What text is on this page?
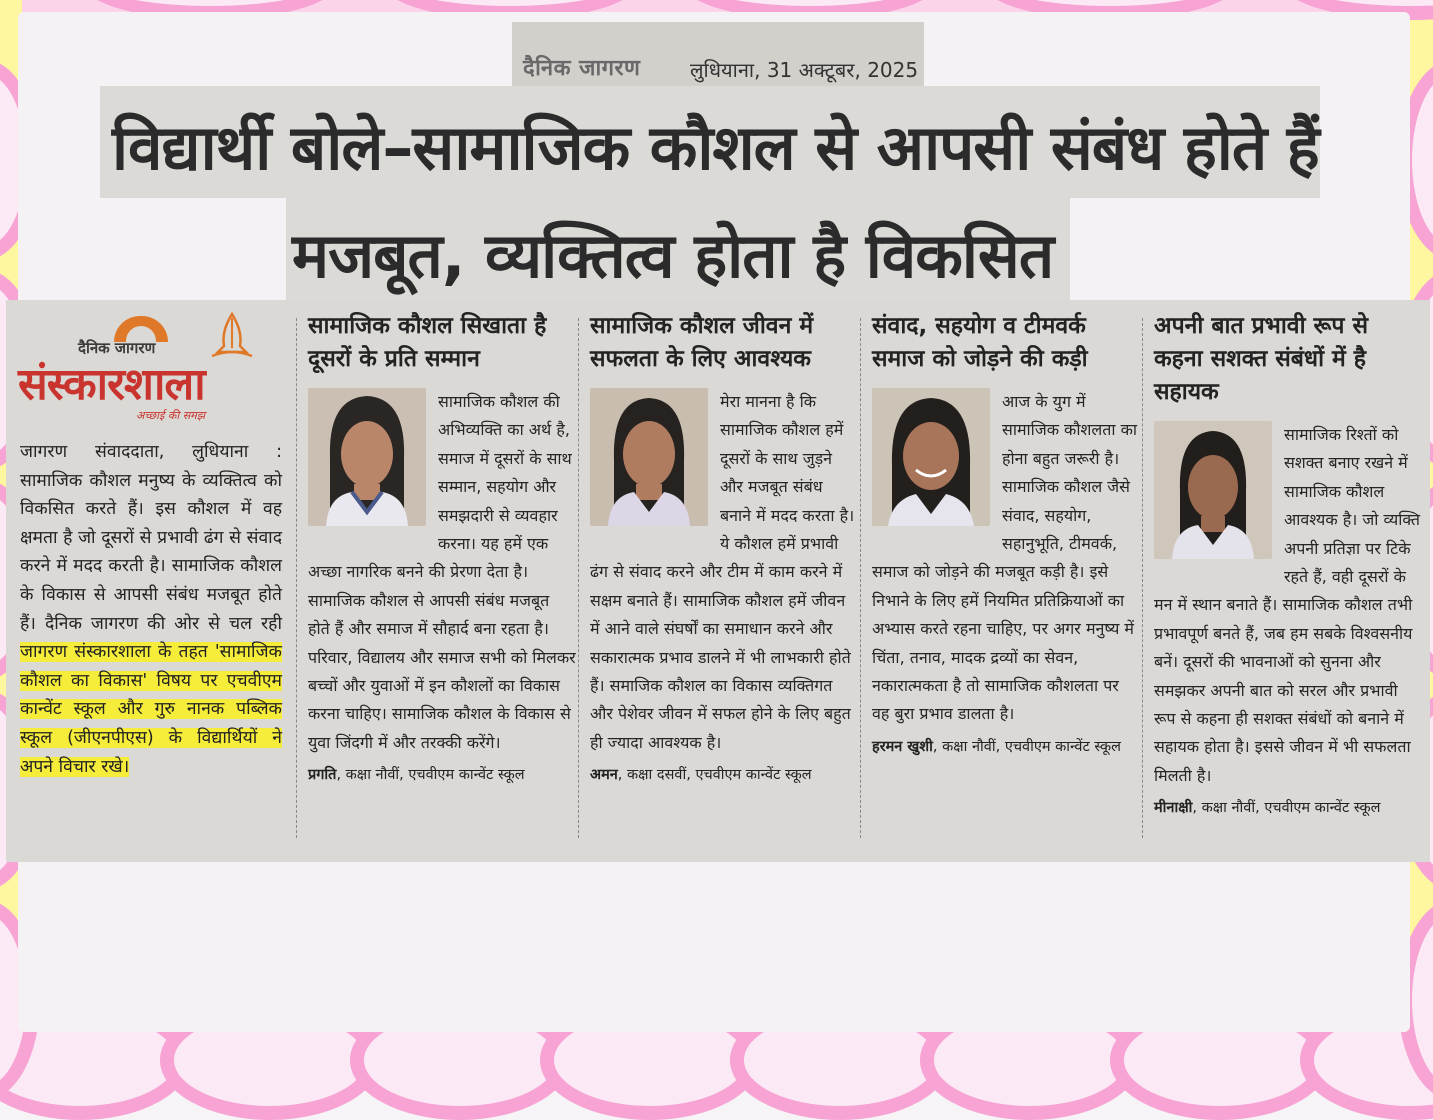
दैनिक जागरण लुधियाना, 31 अक्टूबर, 2025
विद्यार्थी बोले–सामाजिक कौशल से आपसी संबंध होते हैं
मजबूत, व्यक्तित्व होता है विकसित
दैनिक जागरण
संस्कारशाला
अच्छाई की समझ
जागरण संवाददाता, लुधियाना : सामाजिक कौशल मनुष्य के व्यक्तित्व को विकसित करते हैं। इस कौशल में वह क्षमता है जो दूसरों से प्रभावी ढंग से संवाद करने में मदद करती है। सामाजिक कौशल के विकास से आपसी संबंध मजबूत होते हैं। दैनिक जागरण की ओर से चल रही जागरण संस्कारशाला के तहत 'सामाजिक कौशल का विकास' विषय पर एचवीएम कान्वेंट स्कूल और गुरु नानक पब्लिक स्कूल (जीएनपीएस) के विद्यार्थियों ने अपने विचार रखे।
सामाजिक कौशल सिखाता है दूसरों के प्रति सम्मान
सामाजिक कौशल की अभिव्यक्ति का अर्थ है, समाज में दूसरों के साथ सम्मान, सहयोग और समझदारी से व्यवहार करना। यह हमें एक अच्छा नागरिक बनने की प्रेरणा देता है। सामाजिक कौशल से आपसी संबंध मजबूत होते हैं और समाज में सौहार्द बना रहता है। परिवार, विद्यालय और समाज सभी को मिलकर बच्चों और युवाओं में इन कौशलों का विकास करना चाहिए। सामाजिक कौशल के विकास से युवा जिंदगी में और तरक्की करेंगे।
प्रगति, कक्षा नौवीं, एचवीएम कान्वेंट स्कूल
सामाजिक कौशल जीवन में सफलता के लिए आवश्यक
मेरा मानना है कि सामाजिक कौशल हमें दूसरों के साथ जुड़ने और मजबूत संबंध बनाने में मदद करता है। ये कौशल हमें प्रभावी ढंग से संवाद करने और टीम में काम करने में सक्षम बनाते हैं। सामाजिक कौशल हमें जीवन में आने वाले संघर्षों का समाधान करने और सकारात्मक प्रभाव डालने में भी लाभकारी होते हैं। समाजिक कौशल का विकास व्यक्तिगत और पेशेवर जीवन में सफल होने के लिए बहुत ही ज्यादा आवश्यक है।
अमन, कक्षा दसवीं, एचवीएम कान्वेंट स्कूल
संवाद, सहयोग व टीमवर्क समाज को जोड़ने की कड़ी
आज के युग में सामाजिक कौशलता का होना बहुत जरूरी है। सामाजिक कौशल जैसे संवाद, सहयोग, सहानुभूति, टीमवर्क, समाज को जोड़ने की मजबूत कड़ी है। इसे निभाने के लिए हमें नियमित प्रतिक्रियाओं का अभ्यास करते रहना चाहिए, पर अगर मनुष्य में चिंता, तनाव, मादक द्रव्यों का सेवन, नकारात्मकता है तो सामाजिक कौशलता पर वह बुरा प्रभाव डालता है।
हरमन खुशी, कक्षा नौवीं, एचवीएम कान्वेंट स्कूल
अपनी बात प्रभावी रूप से कहना सशक्त संबंधों में है सहायक
सामाजिक रिश्तों को सशक्त बनाए रखने में सामाजिक कौशल आवश्यक है। जो व्यक्ति अपनी प्रतिज्ञा पर टिके रहते हैं, वही दूसरों के मन में स्थान बनाते हैं। सामाजिक कौशल तभी प्रभावपूर्ण बनते हैं, जब हम सबके विश्वसनीय बनें। दूसरों की भावनाओं को सुनना और समझकर अपनी बात को सरल और प्रभावी रूप से कहना ही सशक्त संबंधों को बनाने में सहायक होता है। इससे जीवन में भी सफलता मिलती है।
मीनाक्षी, कक्षा नौवीं, एचवीएम कान्वेंट स्कूल
